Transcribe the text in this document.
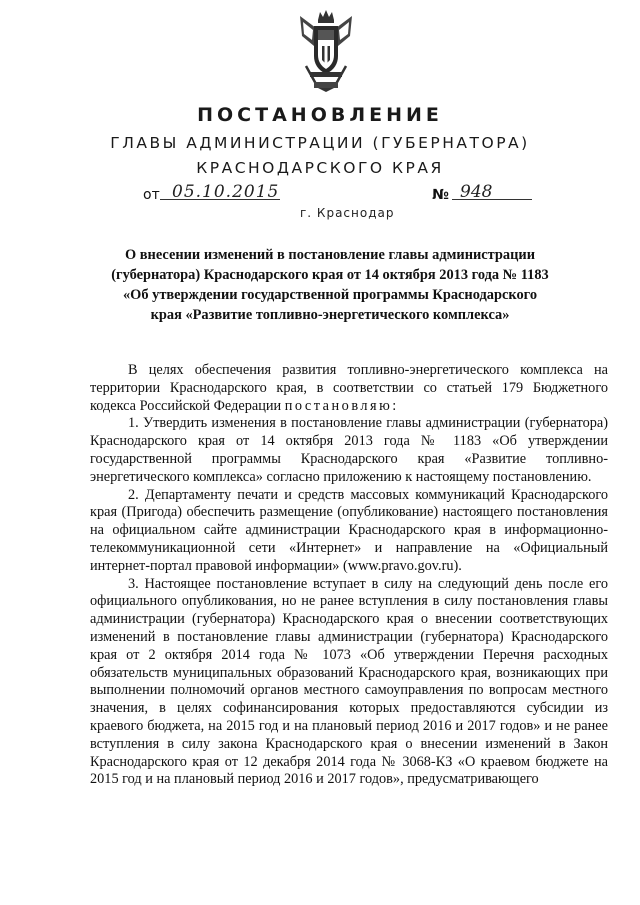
ПОСТАНОВЛЕНИЕ
ГЛАВЫ АДМИНИСТРАЦИИ (ГУБЕРНАТОРА)
КРАСНОДАРСКОГО КРАЯ
от 05.10.2015	№ 948
г. Краснодар
О внесении изменений в постановление главы администрации (губернатора) Краснодарского края от 14 октября 2013 года № 1183 «Об утверждении государственной программы Краснодарского края «Развитие топливно-энергетического комплекса»

В целях обеспечения развития топливно-энергетического комплекса на территории Краснодарского края, в соответствии со статьей 179 Бюджетного кодекса Российской Федерации постановляю:

1. Утвердить изменения в постановление главы администрации (губернатора) Краснодарского края от 14 октября 2013 года № 1183 «Об утверждении государственной программы Краснодарского края «Развитие топливно-энергетического комплекса» согласно приложению к настоящему постановлению.

2. Департаменту печати и средств массовых коммуникаций Краснодарского края (Пригода) обеспечить размещение (опубликование) настоящего постановления на официальном сайте администрации Краснодарского края в информационно-телекоммуникационной сети «Интернет» и направление на «Официальный интернет-портал правовой информации» (www.pravo.gov.ru).

3. Настоящее постановление вступает в силу на следующий день после его официального опубликования, но не ранее вступления в силу постановления главы администрации (губернатора) Краснодарского края о внесении соответствующих изменений в постановление главы администрации (губернатора) Краснодарского края от 2 октября 2014 года № 1073 «Об утверждении Перечня расходных обязательств муниципальных образований Краснодарского края, возникающих при выполнении полномочий органов местного самоуправления по вопросам местного значения, в целях софинансирования которых предоставляются субсидии из краевого бюджета, на 2015 год и на плановый период 2016 и 2017 годов» и не ранее вступления в силу закона Краснодарского края о внесении изменений в Закон Краснодарского края от 12 декабря 2014 года № 3068-КЗ «О краевом бюджете на 2015 год и на плановый период 2016 и 2017 годов», предусматривающего
